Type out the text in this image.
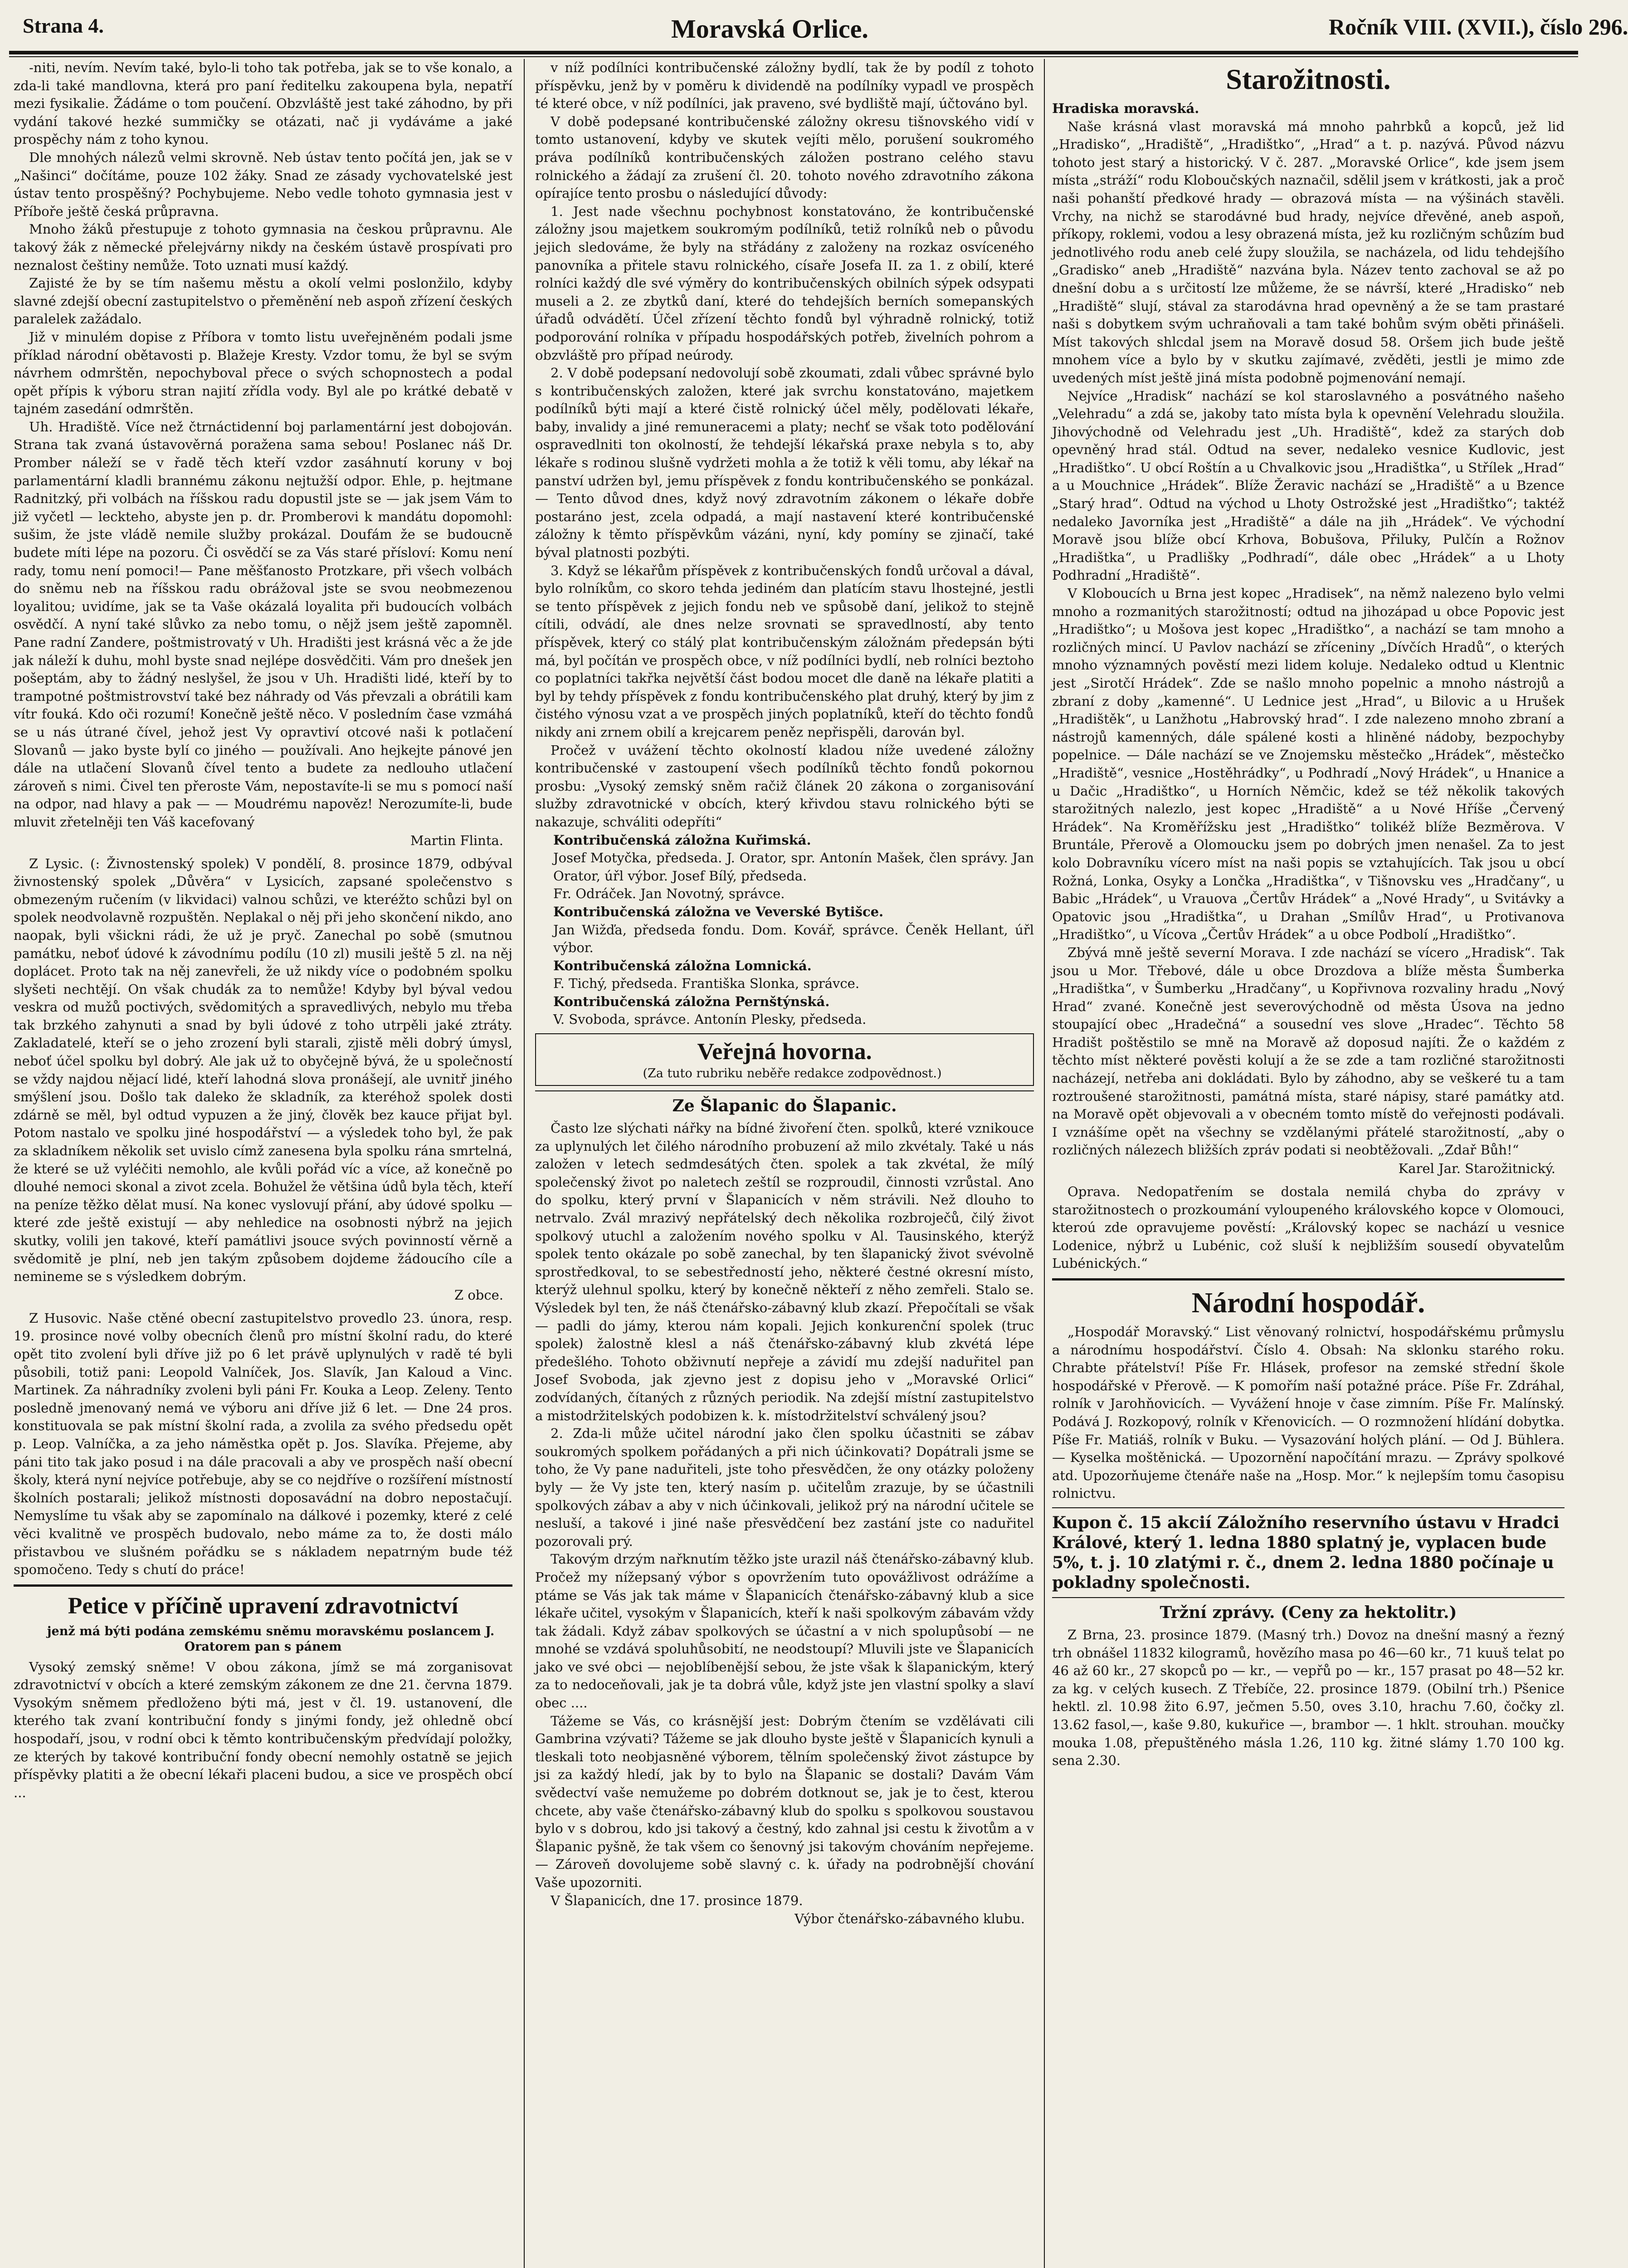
Strana 4.	Moravská Orlice.	Ročník VIII. (XVII.), číslo 296.

-niti, nevím. Nevím také, bylo-li toho tak potřeba, jak se to vše konalo, a zda-li také mandlovna, která pro paní ředitelku zakoupena byla, nepatří mezi fysikalie. Žádáme o tom poučení. Obzvláště jest také záhodno, by při vydání takové hezké summičky se otázati, nač ji vydáváme a jaké prospěchy nám z toho kynou.

Dle mnohých nálezů velmi skrovně. Neb ústav tento počítá jen, jak se v „Našinci“ dočítáme, pouze 102 žáky. Snad ze zásady vychovatelské jest ústav tento prospěšný? Pochybujeme. Nebo vedle tohoto gymnasia jest v Příboře ještě česká průpravna.

Mnoho žáků přestupuje z tohoto gymnasia na českou průpravnu. Ale takový žák z německé přelejvárny nikdy na českém ústavě prospívati pro neznalost češtiny nemůže. Toto uznati musí každý.

Zajisté že by se tím našemu městu a okolí velmi poslonžilo, kdyby slavné zdejší obecní zastupitelstvo o přeměnění neb aspoň zřízení českých paralelek zažádalo.

Již v minulém dopise z Příbora v tomto listu uveřejněném podali jsme příklad národní obětavosti p. Blažeje Kresty. Vzdor tomu, že byl se svým návrhem odmrštěn, nepochyboval přece o svých schopnostech a podal opět přípis k výboru stran najití zřídla vody. Byl ale po krátké debatě v tajném zasedání odmrštěn.

Uh. Hradiště. Více než čtrnáctidenní boj parlamentární jest dobojován. Strana tak zvaná ústavověrná poražena sama sebou! Poslanec náš Dr. Promber náleží se v řadě těch kteří vzdor zasáhnutí koruny v boj parlamentární kladli brannému zákonu nejtužší odpor. Ehle, p. hejtmane Radnitzký, při volbách na říšskou radu dopustil jste se — jak jsem Vám to již vyčetl — leckteho, abyste jen p. dr. Promberovi k mandátu dopomohl: sušim, že jste vládě nemile služby prokázal. Doufám že se budoucně budete míti lépe na pozoru. Či osvědčí se za Vás staré přísloví: Komu není rady, tomu není pomoci!— Pane měšťanosto Protzkare, při všech volbách do sněmu neb na říšskou radu obrážoval jste se svou neobmezenou loyalitou; uvidíme, jak se ta Vaše okázalá loyalita při budoucích volbách osvědčí. A nyní také slůvko za nebo tomu, o nějž jsem ještě zapomněl. Pane radní Zandere, poštmistrovatý v Uh. Hradišti jest krásná věc a že jde jak náleží k duhu, mohl byste snad nejlépe dosvědčiti. Vám pro dnešek jen pošeptám, aby to žádný neslyšel, že jsou v Uh. Hradišti lidé, kteří by to trampotné poštmistrovství také bez náhrady od Vás převzali a obrátili kam vítr fouká. Kdo oči rozumí! Konečně ještě něco. V posledním čase vzmáhá se u nás útrané čível, jehož jest Vy opravtiví otcové naši k potlačení Slovanů — jako byste bylí co jiného — používali. Ano hejkejte pánové jen dále na utlačení Slovanů čível tento a budete za nedlouho utlačení zároveň s nimi. Čivel ten přerostе Vám, nepostavíte-li se mu s pomocí naší na odpor, nad hlavy a pak — — Moudrému napověz! Nerozumíte-li, bude mluvit zřetelněji ten Váš kacefovaný

Martin Flinta.

Z Lysic. (: Živnostenský spolek) V pondělí, 8. prosince 1879, odbýval živnostenský spolek „Důvěra“ v Lysicích, zapsané společenstvo s obmezeným ručením (v likvidaci) valnou schůzi, ve kteréžto schůzi byl on spolek neodvolavně rozpuštěn. Neplakal o něj při jeho skončení nikdo, ano naopak, byli všickni rádi, že už je pryč. Zanechal po sobě (smutnou památku, neboť údové k závodnímu podílu (10 zl) musili ještě 5 zl. na něj doplácet. Proto tak na něj zanevřeli, že už nikdy více o podobném spolku slyšeti nechtějí. On však chudák za to nemůže! Kdyby byl býval vedou veskra od mužů poctivých, svědomitých a spravedlivých, nebylo mu třeba tak brzkého zahynuti a snad by byli údové z toho utrpěli jaké ztráty. Zakladatelé, kteří se o jeho zrození byli starali, zjistě měli dobrý úmysl, neboť účel spolku byl dobrý. Ale jak už to obyčejně bývá, že u společností se vždy najdou nějací lidé, kteří lahodná slova pronášejí, ale uvnitř jiného smýšlení jsou. Došlo tak daleko že skladník, za kteréhož spolek dosti zdárně se měl, byl odtud vypuzen a že jiný, člověk bez kauce přijat byl. Potom nastalo ve spolku jiné hospodářství — a výsledek toho byl, že pak za skladníkem několik set uvislo címž zanesena byla spolku rána smrtelná, že které se už vyléčiti nemohlo, ale kvůli pořád víc a více, až konečně po dlouhé nemoci skonal a zivot zcela. Bohužel že většina údů byla těch, kteří na peníze těžko dělat musí. Na konec vyslovují přání, aby údové spolku — které zde ještě existují — aby nehledice na osobnosti nýbrž na jejich skutky, volili jen takové, kteří památlivi jsouce svých povinností věrně a svědomitě je plní, neb jen takým způsobem dojdeme žádoucího cíle a nemineme se s výsledkem dobrým.

Z obce.

Z Husovic. Naše ctěné obecní zastupitelstvo provedlo 23. února, resp. 19. prosince nové volby obecních členů pro místní školní radu, do které opět tito zvolení byli dříve již po 6 let právě uplynulých v radě té byli působili, totiž pani: Leopold Valníček, Jos. Slavík, Jan Kaloud a Vinc. Martinek. Za náhradníky zvoleni byli páni Fr. Kouka a Leop. Zeleny. Tento posledně jmenovaný nemá ve výboru ani dříve již 6 let. — Dne 24 pros. konstituovala se pak místní školní rada, a zvolila za svého předsedu opět p. Leop. Valníčka, a za jeho náměstka opět p. Jos. Slavíka. Přejeme, aby páni tito tak jako posud i na dále pracovali a aby ve prospěch naší obecní školy, která nyní nejvíce potřebuje, aby se co nejdříve o rozšíření místností školních postarali; jelikož místnosti doposavádní na dobro nepostačují. Nemyslíme tu však aby se zapomínalo na dálkové i pozemky, které z celé věci kvalitně ve prospěch budovalo, nebo máme za to, že dosti málo přistavbou ve slušném pořádku se s nákladem nepatrným bude též spomočeno. Tedy s chutí do práce!

Petice v příčině upravení zdravotnictví

jenž má býti podána zemskému sněmu moravskému poslancem J. Oratorem pan s pánem

Vysoký zemský sněme! V obou zákona, jímž se má zorganisovat zdravotnictví v obcích a které zemským zákonem ze dne 21. června 1879. Vysokým sněmem předloženo býti má, jest v čl. 19. ustanovení, dle kterého tak zvaní kontribuční fondy s jinými fondy, jež ohledně obcí hospodaří, jsou, v rodní obci k těmto kontribučenským předvídají položky, ze kterých by takové kontribuční fondy obecní nemohly ostatně se jejich příspěvky platiti a že obecní lékaři placeni budou, a sice ve prospěch obcí ...

v níž podílníci kontribučenské záložny bydlí, tak že by podíl z tohoto příspěvku, jenž by v poměru k dividendě na podílníky vypadl ve prospěch té které obce, v níž podílníci, jak praveno, své bydliště mají, účtováno byl.

V době podepsané kontribučenské záložny okresu tišnovského vidí v tomto ustanovení, kdyby ve skutek vejíti mělo, porušení soukromého práva podílníků kontribučenských záložen postrano celého stavu rolnického a žádají za zrušení čl. 20. tohoto nového zdravotního zákona opírajíce tento prosbu o následující důvody:

1. Jest nade všechnu pochybnost konstatováno, že kontribučenské záložny jsou majetkem soukromým podílníků, tetiž rolníků neb o původu jejich sledováme, že byly na střádány z založeny na rozkaz osvíceného panovníka a přitele stavu rolnického, císaře Josefa II. za 1. z obilí, které rolníci každý dle své výměry do kontribučenských obilních sýpek odsypati museli a 2. ze zbytků daní, které do tehdejších berních somepanských úřadů odvádětí. Účel zřízení těchto fondů byl výhradně rolnický, totiž podporování rolníka v případu hospodářských potřeb, živelních pohrom a obzvláště pro případ neúrody.

2. V době podepsaní nedovolují sobě zkoumati, zdali vůbec správné bylo s kontribučenských založen, které jak svrchu konstatováno, majetkem podílníků býti mají a které čistě rolnický účel měly, podělovati lékaře, baby, invalidy a jiné remuneracemi a platy; nechť se však toto podělování ospravedlniti ton okolností, že tehdejší lékařská praxe nebyla s to, aby lékaře s rodinou slušně vydržeti mohla a že totiž k věli tomu, aby lékař na panství udržen byl, jemu příspěvek z fondu kontribučenského se ponkázal. — Tento důvod dnes, když nový zdravotním zákonem o lékaře dobře postaráno jest, zcela odpadá, a mají nastavení které kontribučenské záložny k těmto příspěvkům vázáni, nyní, kdy pomíny se zjinačí, také býval platnosti pozbýti.

3. Když se lékařům příspěvek z kontribučenských fondů určoval a dával, bylo rolníkům, co skoro tehda jediném dan platícím stavu lhostejné, jestli se tento příspěvek z jejich fondu neb ve spůsobě daní, jelikož to stejně cítili, odvádí, ale dnes nelze srovnati se spravedlností, aby tento příspěvek, který co stálý plat kontribučenským záložnám předepsán býti má, byl počítán ve prospěch obce, v níž podílníci bydlí, neb rolníci beztoho co poplatníci takřka největší část bodou mocet dle daně na lékaře platiti a byl by tehdy příspěvek z fondu kontribučenského plat druhý, který by jim z čistého výnosu vzat a ve prospěch jiných poplatníků, kteří do těchto fondů nikdy ani zrnem obilí a krejcarem peněz nepřispěli, darován byl.

Pročež v uvážení těchto okolností kladou níže uvedené záložny kontribučenské v zastoupení všech podílníků těchto fondů pokornou prosbu: „Vysoký zemský sněm račiž článek 20 zákona o zorganisování služby zdravotnické v obcích, který křivdou stavu rolnického býti se nakazuje, schváliti odepříti“

Kontribučenská záložna Kuřimská.

Josef Motyčka, předseda. J. Orator, spr. Antonín Mašek, člen správy. Jan Orator, úřl výbor. Josef Bílý, předseda.

Fr. Odráček. Jan Novotný, správce.

Kontribučenská záložna ve Veverské Bytišce.

Jan Wižďa, předseda fondu. Dom. Kovář, správce. Čeněk Hellant, úřl výbor.

Kontribučenská záložna Lomnická.

F. Tichý, předseda. Františka Slonka, správce.

Kontribučenská záložna Pernštýnská.

V. Svoboda, správce. Antonín Plesky, předseda.

Veřejná hovorna.

(Za tuto rubriku neběře redakce zodpovědnost.)

Ze Šlapanic do Šlapanic.

Často lze slýchati nářky na bídné živoření čten. spolků, které vznikouce za uplynulých let čilého národního probuzení až milo zkvétaly. Také u nás založen v letech sedmdesátých čten. spolek a tak zkvétal, že mílý společenský život po naletech zeštíl se rozproudil, činnosti vzrůstal. Ano do spolku, který první v Šlapanicích v něm strávili. Než dlouho to netrvalo. Zvál mrazivý nepřátelský dech několika rozbroječů, čilý život spolkový utuchl a založením nového spolku v Al. Tausinského, kterýž spolek tento okázale po sobě zanechal, by ten šlapanický život svévolně sprostředkoval, to se sebestředností jeho, některé čestné okresní místo, kterýž ulehnul spolku, který by konečně někteří z něho zemřeli. Stalo se. Výsledek byl ten, že náš čtenářsko-zábavný klub zkazí. Přepočítali se však — padli do jámy, kterou nám kopali. Jejich konkurenční spolek (truc spolek) žalostně klesl a náš čtenářsko-zábavný klub zkvétá lépe předešlého. Tohoto obživnutí nepřeje a závidí mu zdejší naduřitel pan Josef Svoboda, jak zjevno jest z dopisu jeho v „Moravské Orlici“ zodvídaných, čítaných z různých periodik. Na zdejší místní zastupitelstvo a mistodržitelských podobizen k. k. místodržitelství schválený jsou?

2. Zda-li může učitel národní jako člen spolku účastniti se zábav soukromých spolkem pořádaných a při nich účinkovati? Dopátrali jsme se toho, že Vy pane naduřiteli, jste toho přesvědčen, že ony otázky položeny byly — že Vy jste ten, který nasím p. učitelům zrazuje, by se účastnili spolkových zábav a aby v nich účinkovali, jelikož prý na národní učitele se nesluší, a takové i jiné naše přesvědčení bez zastání jste co naduřitel pozorovali prý.

Takovým drzým nařknutím těžko jste urazil náš čtenářsko-zábavný klub. Pročež my nížepsaný výbor s opovržením tuto opovážlivost odrážíme a ptáme se Vás jak tak máme v Šlapanicích čtenářsko-zábavný klub a sice lékaře učitel, vysokým v Šlapanicích, kteří k naši spolkovým zábavám vždy tak žádali. Když zábav spolkových se účastní a v nich spolupůsobí — ne mnohé se vzdává spoluhůsobití, ne neodstoupí? Mluvili jste ve Šlapanicích jako ve své obci — nejoblíbenější sebou, že jste však k šlapanickým, který za to nedoceňovali, jak je ta dobrá vůle, když jste jen vlastní spolky a slaví obec ....

Tážeme se Vás, co krásnější jest: Dobrým čtením se vzdělávati cili Gambrina vzývati? Tážeme se jak dlouho byste ještě v Šlapanicích kynuli a tleskali toto neobjasněné výborem, tělním společenský život zástupce by jsi za každý hledí, jak by to bylo na Šlapanic se dostali? Davám Vám svědectví vaše nemužeme po dobrém dotknout se, jak je to čest, kterou chcete, aby vaše čtenářsko-zábavný klub do spolku s spolkovou soustavou bylo v s dobrou, kdo jsi takový a čestný, kdo zahnal jsi cestu k životům a v Šlapanic pyšně, že tak všem co šenovný jsi takovým chováním nepřejeme. — Zároveň dovolujeme sobě slavný c. k. úřady na podrobnější chování Vaše upozorniti.

V Šlapanicích, dne 17. prosince 1879.

Výbor čtenářsko-zábavného klubu.
Starožitnosti.

Hradiska moravská.

Naše krásná vlast moravská má mnoho pahrbků a kopců, jež lid „Hradisko“, „Hradiště“, „Hradištko“, „Hrad“ a t. p. nazývá. Původ názvu tohoto jest starý a historický. V č. 287. „Moravské Orlice“, kde jsem jsem místa „stráží“ rodu Kloboučských naznačil, sdělil jsem v krátkosti, jak a proč naši pohanští předkové hrady — obrazová místa — na výšinách stavěli. Vrchy, na nichž se starodávné bud hrady, nejvíce dřevěné, aneb aspoň, příkopy, roklemi, vodou a lesy obrazená místa, jež ku rozličným schůzím bud jednotlivého rodu aneb celé župy sloužila, se nacházela, od lidu tehdejšího „Gradisko“ aneb „Hradiště“ nazvána byla. Název tento zachoval se až po dnešní dobu a s určitostí lze můžeme, že se návrší, které „Hradisko“ neb „Hradiště“ slují, stával za starodávna hrad opevněný a že se tam prastaré naši s dobytkem svým uchraňovali a tam také bohům svým oběti přinášeli. Míst takových shlcdal jsem na Moravě dosud 58. Oršem jich bude ještě mnohem více a bylo by v skutku zajímavé, zvěděti, jestli je mimo zde uvedených míst ještě jiná místa podobně pojmenování nemají.

Nejvíce „Hradisk“ nachází se kol staroslavného a posvátného našeho „Velehradu“ a zdá se, jakoby tato místa byla k opevnění Velehradu sloužila. Jihovýchodně od Velehradu jest „Uh. Hradiště“, kdež za starých dob opevněný hrad stál. Odtud na sever, nedaleko vesnice Kudlovic, jest „Hradištko“. U obcí Roštín a u Chvalkovic jsou „Hradištka“, u Střílek „Hrad“ a u Mouchnice „Hrádek“. Blíže Žeravic nachází se „Hradiště“ a u Bzence „Starý hrad“. Odtud na východ u Lhoty Ostrožské jest „Hradištko“; taktéž nedaleko Javorníka jest „Hradiště“ a dále na jih „Hrádek“. Ve východní Moravě jsou blíže obcí Krhova, Bobušova, Přiluky, Pulčín a Rožnov „Hradištka“, u Pradlišky „Podhradí“, dále obec „Hrádek“ a u Lhoty Podhradní „Hradiště“.

V Kloboucích u Brna jest kopec „Hradisek“, na němž nalezeno bylo velmi mnoho a rozmanitých starožitností; odtud na jihozápad u obce Popovic jest „Hradištko“; u Mošova jest kopec „Hradištko“, a nachází se tam mnoho a rozličných mincí. U Pavlov nachází se zříceniny „Dívčích Hradů“, o kterých mnoho významných pověstí mezi lidem koluje. Nedaleko odtud u Klentnic jest „Sirotčí Hrádek“. Zde se našlo mnoho popelnic a mnoho nástrojů a zbraní z doby „kamenné“. U Lednice jest „Hrad“, u Bilovic a u Hrušek „Hradištěk“, u Lanžhotu „Habrovský hrad“. I zde nalezeno mnoho zbraní a nástrojů kamenných, dále spálené kosti a hliněné nádoby, bezpochyby popelnice. — Dále nachází se ve Znojemsku městečko „Hrádek“, městečko „Hradiště“, vesnice „Hostěhrádky“, u Podhradí „Nový Hrádek“, u Hnanice a u Dačic „Hradištko“, u Horních Němčic, kdež se též několik takových starožitných nalezlo, jest kopec „Hradiště“ a u Nové Hříše „Červený Hrádek“. Na Kroměřížsku jest „Hradištko“ tolikéž blíže Bezměrova. V Bruntále, Přerově a Olomoucku jsem po dobrých jmen nenašel. Za to jest kolo Dobravníku vícero míst na naši popis se vztahujících. Tak jsou u obcí Rožná, Lonka, Osyky a Lončka „Hradištka“, v Tišnovsku ves „Hradčany“, u Babic „Hrádek“, u Vrauova „Čertův Hrádek“ a „Nové Hrady“, u Svitávky a Opatovic jsou „Hradištka“, u Drahan „Smílův Hrad“, u Protivanova „Hradištko“, u Vícova „Čertův Hrádek“ a u obce Podbolí „Hradištko“.

Zbývá mně ještě severní Morava. I zde nachází se vícero „Hradisk“. Tak jsou u Mor. Třebové, dále u obce Drozdova a blíže města Šumberka „Hradištka“, v Šumberku „Hradčany“, u Kopřivnova rozvaliny hradu „Nový Hrad“ zvané. Konečně jest severovýchodně od města Úsova na jedno stoupající obec „Hradečná“ a sousední ves slove „Hradec“. Těchto 58 Hradišt poštěstilo se mně na Moravě až doposud najíti. Že o každém z těchto míst některé pověsti kolují a že se zde a tam rozličné starožitnosti nacházejí, netřeba ani dokládati. Bylo by záhodno, aby se veškeré tu a tam roztroušené starožitnosti, památná místa, staré nápisy, staré památky atd. na Moravě opět objevovali a v obecném tomto místě do veřejnosti podávali. I vznášíme opět na všechny se vzdělanými přátelé starožitností, „aby o rozličných nálezech bližších zpráv podati si neobtěžovali. „Zdař Bůh!“

Karel Jar. Starožitnický.

Oprava. Nedopatřením se dostala nemilá chyba do zprávy v starožitnostech o prozkoumání vyloupeného královského kopce v Olomouci, kteroú zde opravujeme pověstí: „Královský kopec se nachází u vesnice Lodenice, nýbrž u Lubénic, což sluší k nejbližším sousedí obyvatelům Lubénických.“

Národní hospodář.

„Hospodář Moravský.“ List věnovaný rolnictví, hospodářskému průmyslu a národnímu hospodářství. Číslo 4. Obsah: Na sklonku starého roku. Chrabte přátelství! Píše Fr. Hlásek, profesor na zemské střední škole hospodářské v Přerově. — K pomořím naší potažné práce. Píše Fr. Zdráhal, rolník v Jarohňovicích. — Vyvážení hnoje v čase zimním. Píše Fr. Malínský. Podává J. Rozkopový, rolník v Křenovicích. — O rozmnožení hlídání dobytka. Píše Fr. Matiáš, rolník v Buku. — Vysazování holých plání. — Od J. Bühlera. — Kyselka moštěnická. — Upozornění napočítání mrazu. — Zprávy spolkové atd. Upozorňujeme čtenáře naše na „Hosp. Mor.“ k nejlepším tomu časopisu rolnictvu.

Kupon č. 15 akcií Záložního reservního ústavu v Hradci Králové, který 1. ledna 1880 splatný je, vyplacen bude 5%, t. j. 10 zlatými r. č., dnem 2. ledna 1880 počínaje u pokladny společnosti.

Tržní zprávy. (Ceny za hektolitr.)

Z Brna, 23. prosince 1879. (Masný trh.) Dovoz na dnešní masný a řezný trh obnášel 11832 kilogramů, hovězího masa po 46—60 kr., 71 kuuš telat po 46 až 60 kr., 27 skopců po — kr., — vepřů po — kr., 157 prasat po 48—52 kr. za kg. v celých kusech. Z Třebíče, 22. prosince 1879. (Obilní trh.) Pšenice hektl. zl. 10.98 žito 6.97, ječmen 5.50, oves 3.10, hrachu 7.60, čočky zl. 13.62 fasol,—, kaše 9.80, kukuřice —, brambor —. 1 hklt. strouhan. moučky mouka 1.08, přepuštěného másla 1.26, 110 kg. žitné slámy 1.70 100 kg. sena 2.30.
